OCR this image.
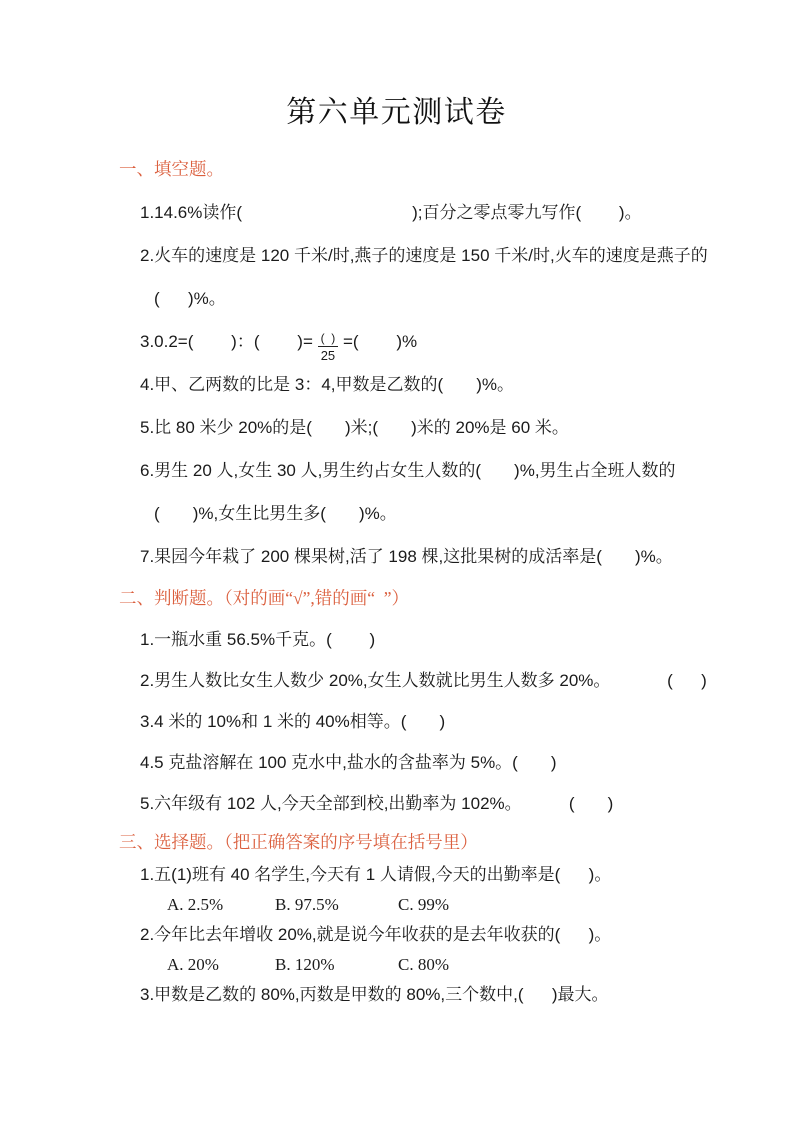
第六单元测试卷
一、填空题。
1.14.6%读作(                                    );百分之零点零九写作(        )。
2.火车的速度是 120 千米/时,燕子的速度是 150 千米/时,火车的速度是燕子的
(      )%。
3.0.2=(        )：(        )= $\frac{( )}{25}$ =(        )%
4.甲、乙两数的比是 3：4,甲数是乙数的(       )%。
5.比 80 米少 20%的是(       )米;(       )米的 20%是 60 米。
6.男生 20 人,女生 30 人,男生约占女生人数的(       )%,男生占全班人数的
(       )%,女生比男生多(       )%。
7.果园今年栽了 200 棵果树,活了 198 棵,这批果树的成活率是(       )%。
二、判断题。（对的画“√”,错的画“  ”）
1.一瓶水重 56.5%千克。(        )
2.男生人数比女生人数少 20%,女生人数就比男生人数多 20%。            (      )
3.4 米的 10%和 1 米的 40%相等。(       )
4.5 克盐溶解在 100 克水中,盐水的含盐率为 5%。(       )
5.六年级有 102 人,今天全部到校,出勤率为 102%。          (       )
三、选择题。（把正确答案的序号填在括号里）
1.五(1)班有 40 名学生,今天有 1 人请假,今天的出勤率是(      )。
A. 2.5%	B. 97.5%	C. 99%
2.今年比去年增收 20%,就是说今年收获的是去年收获的(      )。
A. 20%	B. 120%	C. 80%
3.甲数是乙数的 80%,丙数是甲数的 80%,三个数中,(      )最大。
